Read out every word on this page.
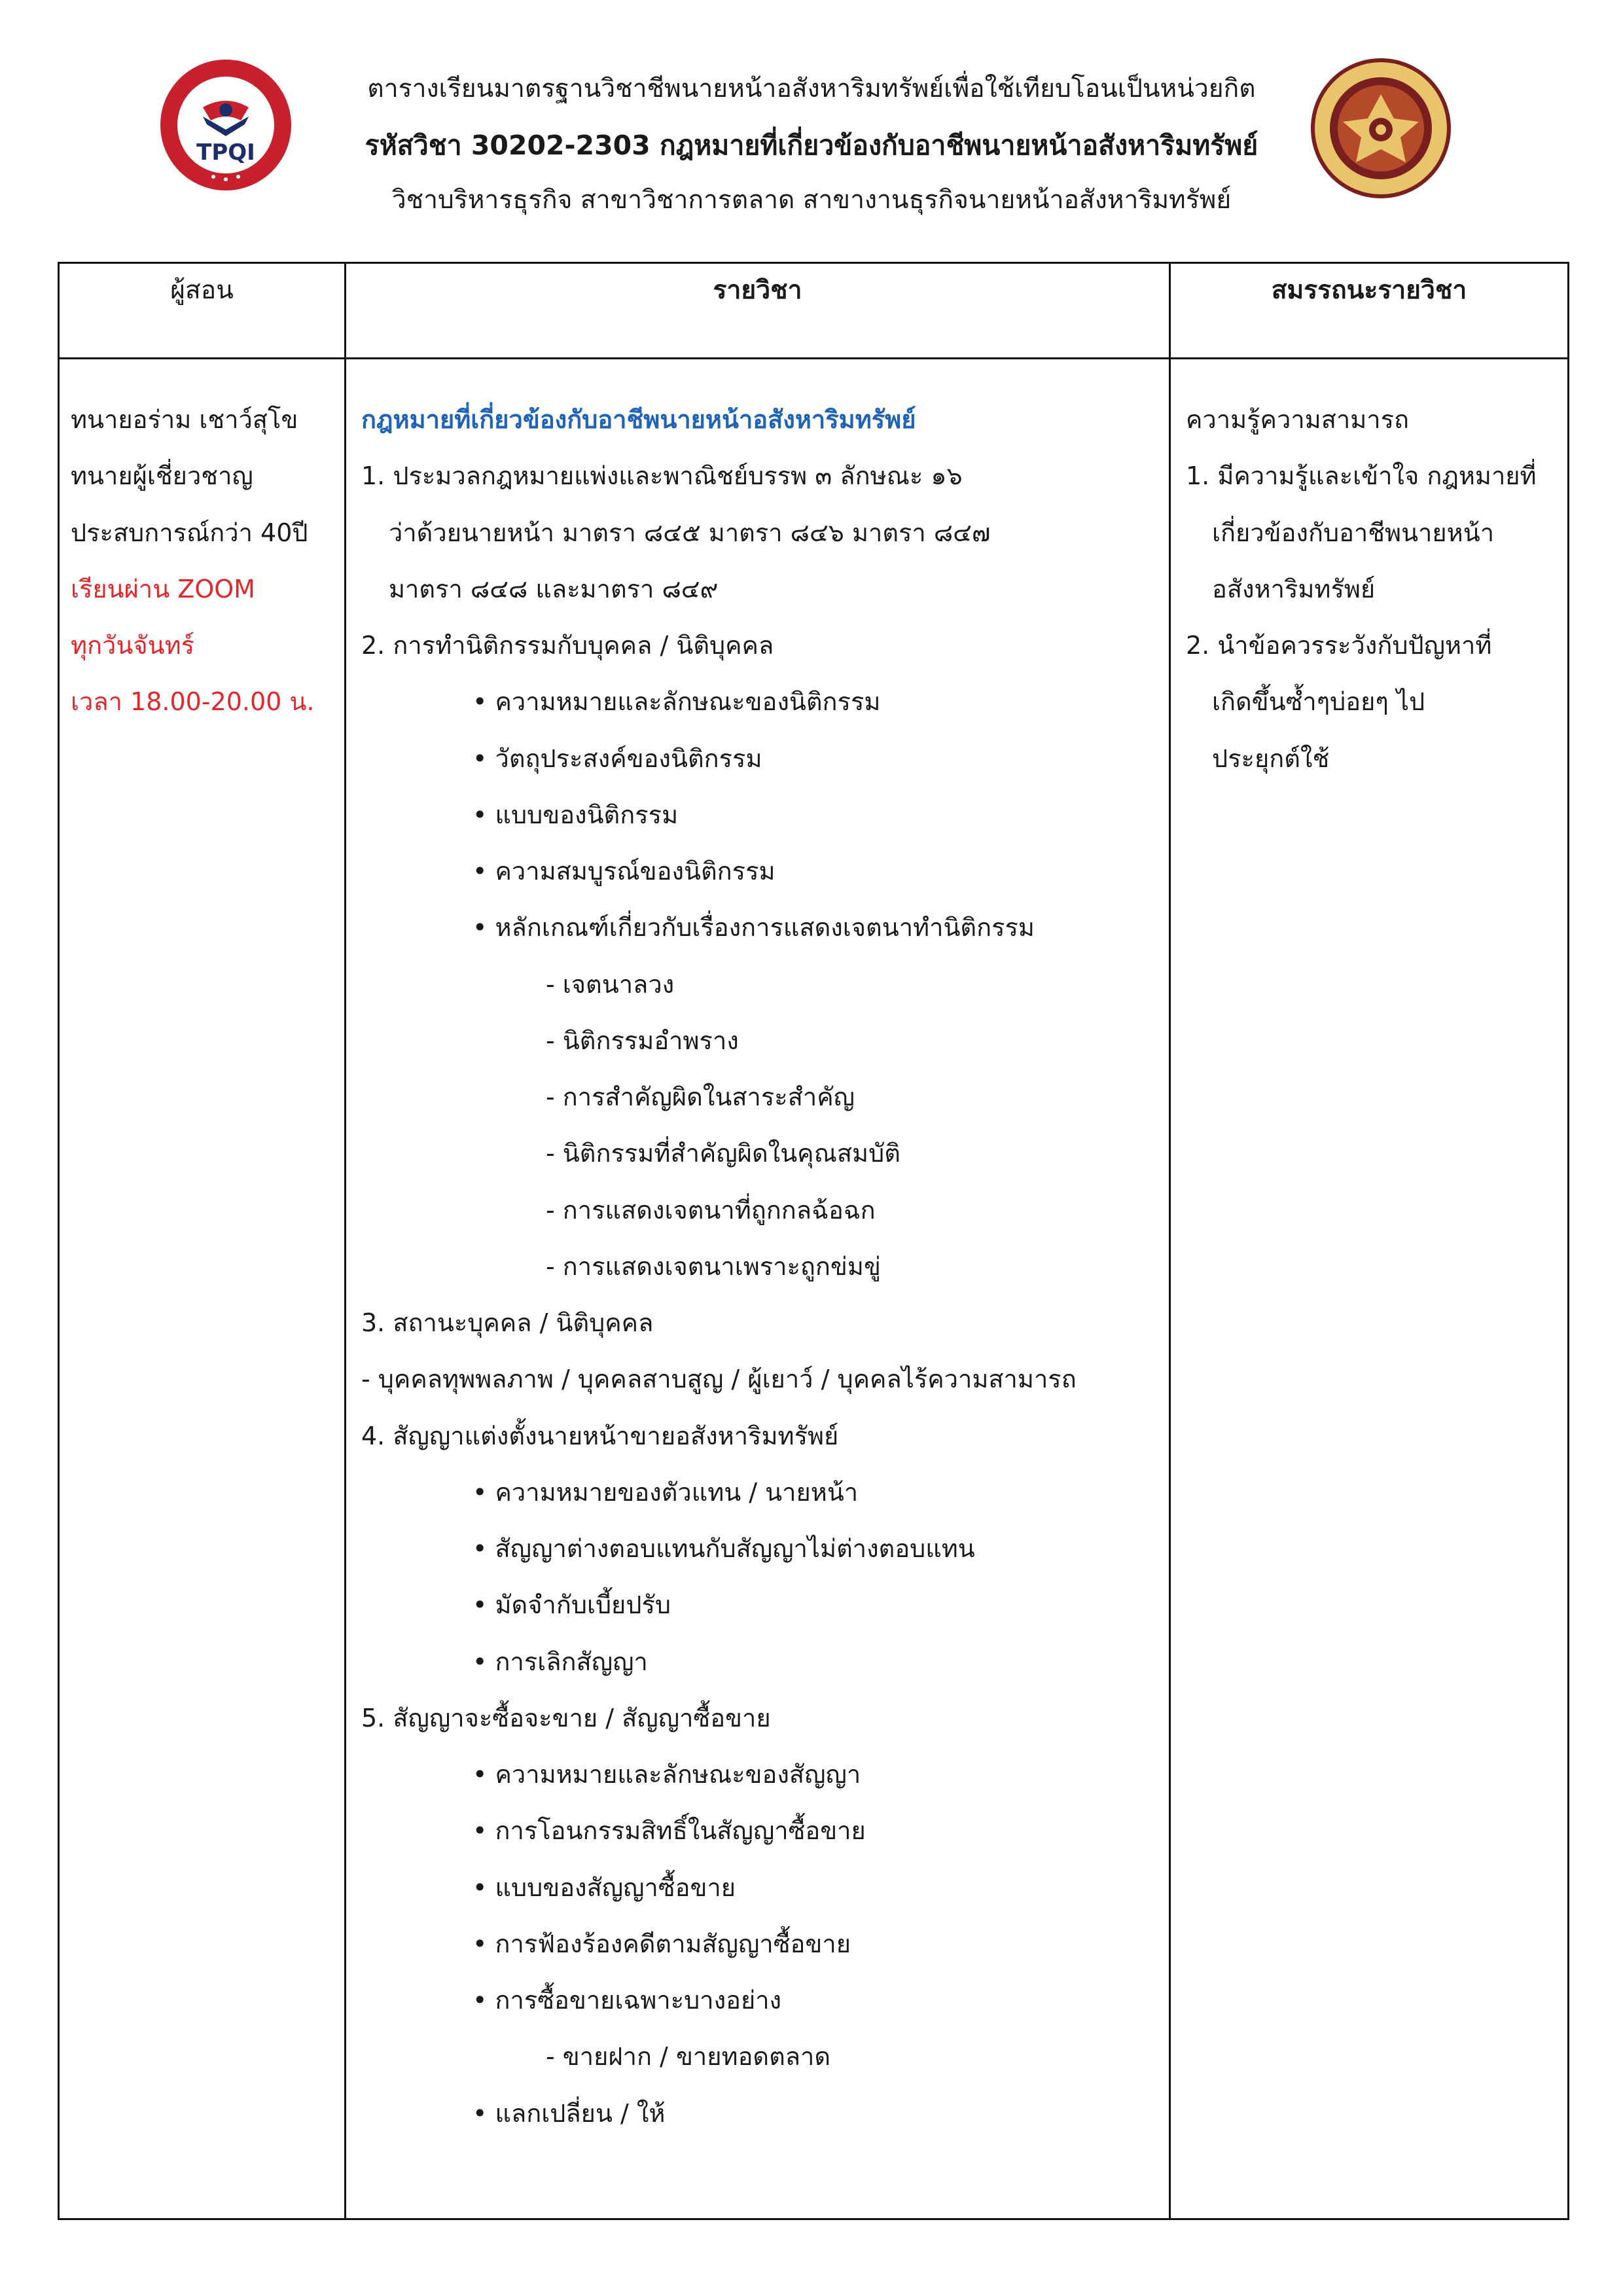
TPQI
ตารางเรียนมาตรฐานวิชาชีพนายหน้าอสังหาริมทรัพย์เพื่อใช้เทียบโอนเป็นหน่วยกิต
รหัสวิชา 30202-2303 กฎหมายที่เกี่ยวข้องกับอาชีพนายหน้าอสังหาริมทรัพย์
วิชาบริหารธุรกิจ สาขาวิชาการตลาด สาขางานธุรกิจนายหน้าอสังหาริมทรัพย์
ผู้สอน	รายวิชา	สมรรถนะรายวิชา
ทนายอร่าม เชาว์สุโข
ทนายผู้เชี่ยวชาญ
ประสบการณ์กว่า 40ปี
เรียนผ่าน ZOOM
ทุกวันจันทร์
เวลา 18.00-20.00 น.
กฎหมายที่เกี่ยวข้องกับอาชีพนายหน้าอสังหาริมทรัพย์
1. ประมวลกฎหมายแพ่งและพาณิชย์บรรพ ๓ ลักษณะ ๑๖
ว่าด้วยนายหน้า มาตรา ๘๔๕ มาตรา ๘๔๖ มาตรา ๘๔๗
มาตรา ๘๔๘ และมาตรา ๘๔๙
2. การทำนิติกรรมกับบุคคล / นิติบุคคล
• ความหมายและลักษณะของนิติกรรม
• วัตถุประสงค์ของนิติกรรม
• แบบของนิติกรรม
• ความสมบูรณ์ของนิติกรรม
• หลักเกณฑ์เกี่ยวกับเรื่องการแสดงเจตนาทำนิติกรรม
- เจตนาลวง
- นิติกรรมอำพราง
- การสำคัญผิดในสาระสำคัญ
- นิติกรรมที่สำคัญผิดในคุณสมบัติ
- การแสดงเจตนาที่ถูกกลฉ้อฉก
- การแสดงเจตนาเพราะถูกข่มขู่
3. สถานะบุคคล / นิติบุคคล
- บุคคลทุพพลภาพ / บุคคลสาบสูญ / ผู้เยาว์ / บุคคลไร้ความสามารถ
4. สัญญาแต่งตั้งนายหน้าขายอสังหาริมทรัพย์
• ความหมายของตัวแทน / นายหน้า
• สัญญาต่างตอบแทนกับสัญญาไม่ต่างตอบแทน
• มัดจำกับเบี้ยปรับ
• การเลิกสัญญา
5. สัญญาจะซื้อจะขาย / สัญญาซื้อขาย
• ความหมายและลักษณะของสัญญา
• การโอนกรรมสิทธิ์ในสัญญาซื้อขาย
• แบบของสัญญาซื้อขาย
• การฟ้องร้องคดีตามสัญญาซื้อขาย
• การซื้อขายเฉพาะบางอย่าง
- ขายฝาก / ขายทอดตลาด
• แลกเปลี่ยน / ให้
ความรู้ความสามารถ
1. มีความรู้และเข้าใจ กฎหมายที่
เกี่ยวข้องกับอาชีพนายหน้า
อสังหาริมทรัพย์
2. นำข้อควรระวังกับปัญหาที่
เกิดขึ้นซ้ำๆบ่อยๆ ไป
ประยุกต์ใช้
